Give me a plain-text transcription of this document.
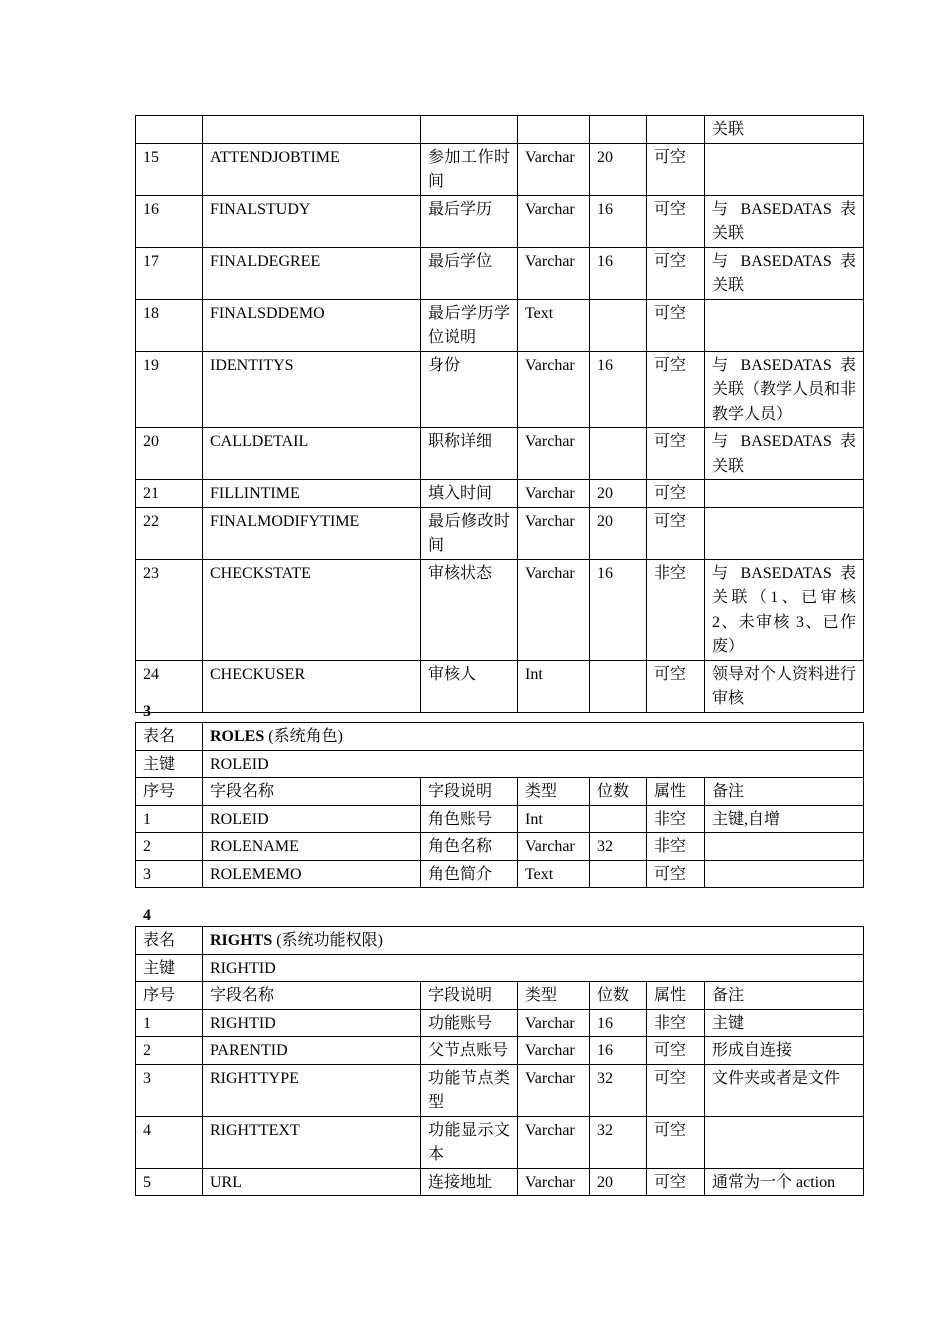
						关联
15	ATTENDJOBTIME	参加工作时间	Varchar	20	可空	
16	FINALSTUDY	最后学历	Varchar	16	可空	与 BASEDATAS 表关联
17	FINALDEGREE	最后学位	Varchar	16	可空	与 BASEDATAS 表关联
18	FINALSDDEMO	最后学历学位说明	Text		可空	
19	IDENTITYS	身份	Varchar	16	可空	与 BASEDATAS 表关联（教学人员和非教学人员）
20	CALLDETAIL	职称详细	Varchar		可空	与 BASEDATAS 表关联
21	FILLINTIME	填入时间	Varchar	20	可空	
22	FINALMODIFYTIME	最后修改时间	Varchar	20	可空	
23	CHECKSTATE	审核状态	Varchar	16	非空	与 BASEDATAS 表关联（1、已审核 2、未审核 3、已作废）
24	CHECKUSER	审核人	Int		可空	领导对个人资料进行审核
3
表名	ROLES (系统角色)					
主键	ROLEID					
序号	字段名称	字段说明	类型	位数	属性	备注
1	ROLEID	角色账号	Int		非空	主键,自增
2	ROLENAME	角色名称	Varchar	32	非空	
3	ROLEMEMO	角色简介	Text		可空	
4
表名	RIGHTS (系统功能权限)					
主键	RIGHTID					
序号	字段名称	字段说明	类型	位数	属性	备注
1	RIGHTID	功能账号	Varchar	16	非空	主键
2	PARENTID	父节点账号	Varchar	16	可空	形成自连接
3	RIGHTTYPE	功能节点类型	Varchar	32	可空	文件夹或者是文件
4	RIGHTTEXT	功能显示文本	Varchar	32	可空	
5	URL	连接地址	Varchar	20	可空	通常为一个 action
